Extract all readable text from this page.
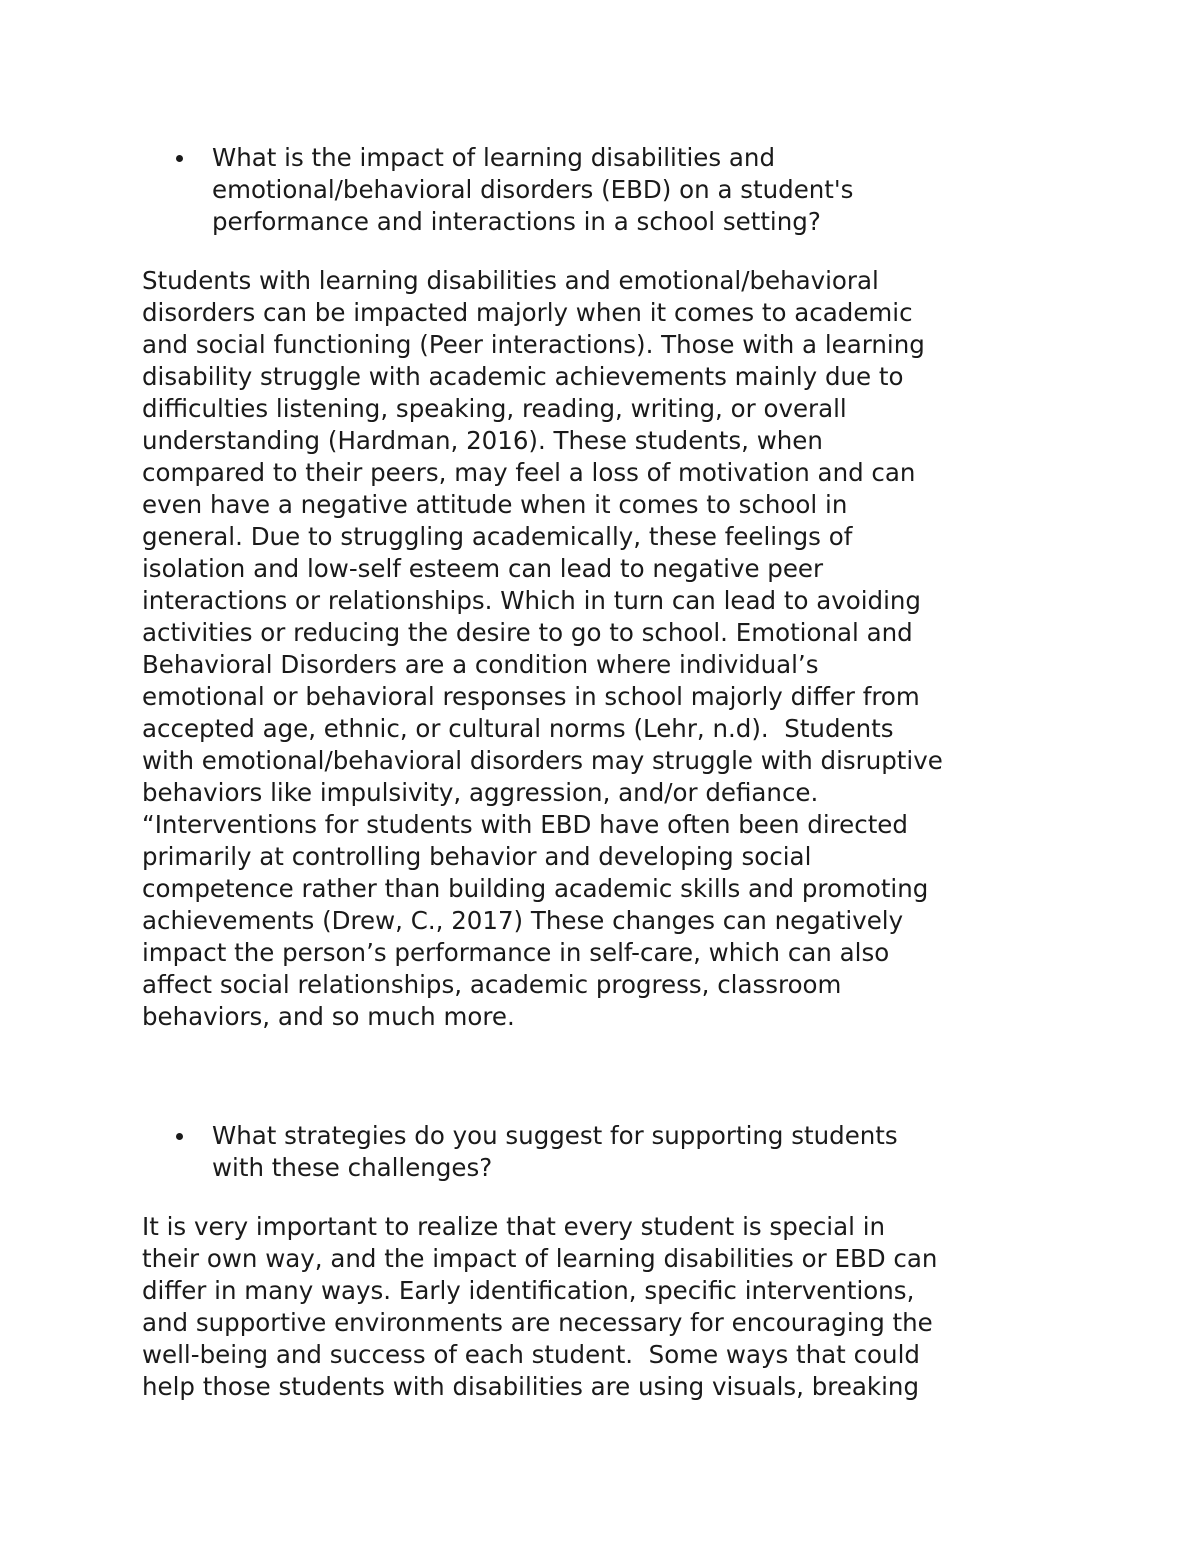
What is the impact of learning disabilities and

emotional/behavioral disorders (EBD) on a student's

performance and interactions in a school setting?

Students with learning disabilities and emotional/behavioral

disorders can be impacted majorly when it comes to academic

and social functioning (Peer interactions). Those with a learning

disability struggle with academic achievements mainly due to

difficulties listening, speaking, reading, writing, or overall

understanding (Hardman, 2016). These students, when

compared to their peers, may feel a loss of motivation and can

even have a negative attitude when it comes to school in

general. Due to struggling academically, these feelings of

isolation and low-self esteem can lead to negative peer

interactions or relationships. Which in turn can lead to avoiding

activities or reducing the desire to go to school. Emotional and

Behavioral Disorders are a condition where individual’s

emotional or behavioral responses in school majorly differ from

accepted age, ethnic, or cultural norms (Lehr, n.d).  Students

with emotional/behavioral disorders may struggle with disruptive

behaviors like impulsivity, aggression, and/or defiance.

“Interventions for students with EBD have often been directed

primarily at controlling behavior and developing social

competence rather than building academic skills and promoting

achievements (Drew, C., 2017) These changes can negatively

impact the person’s performance in self-care, which can also

affect social relationships, academic progress, classroom

behaviors, and so much more.

What strategies do you suggest for supporting students

with these challenges?

It is very important to realize that every student is special in

their own way, and the impact of learning disabilities or EBD can

differ in many ways. Early identification, specific interventions,

and supportive environments are necessary for encouraging the

well-being and success of each student.  Some ways that could

help those students with disabilities are using visuals, breaking
